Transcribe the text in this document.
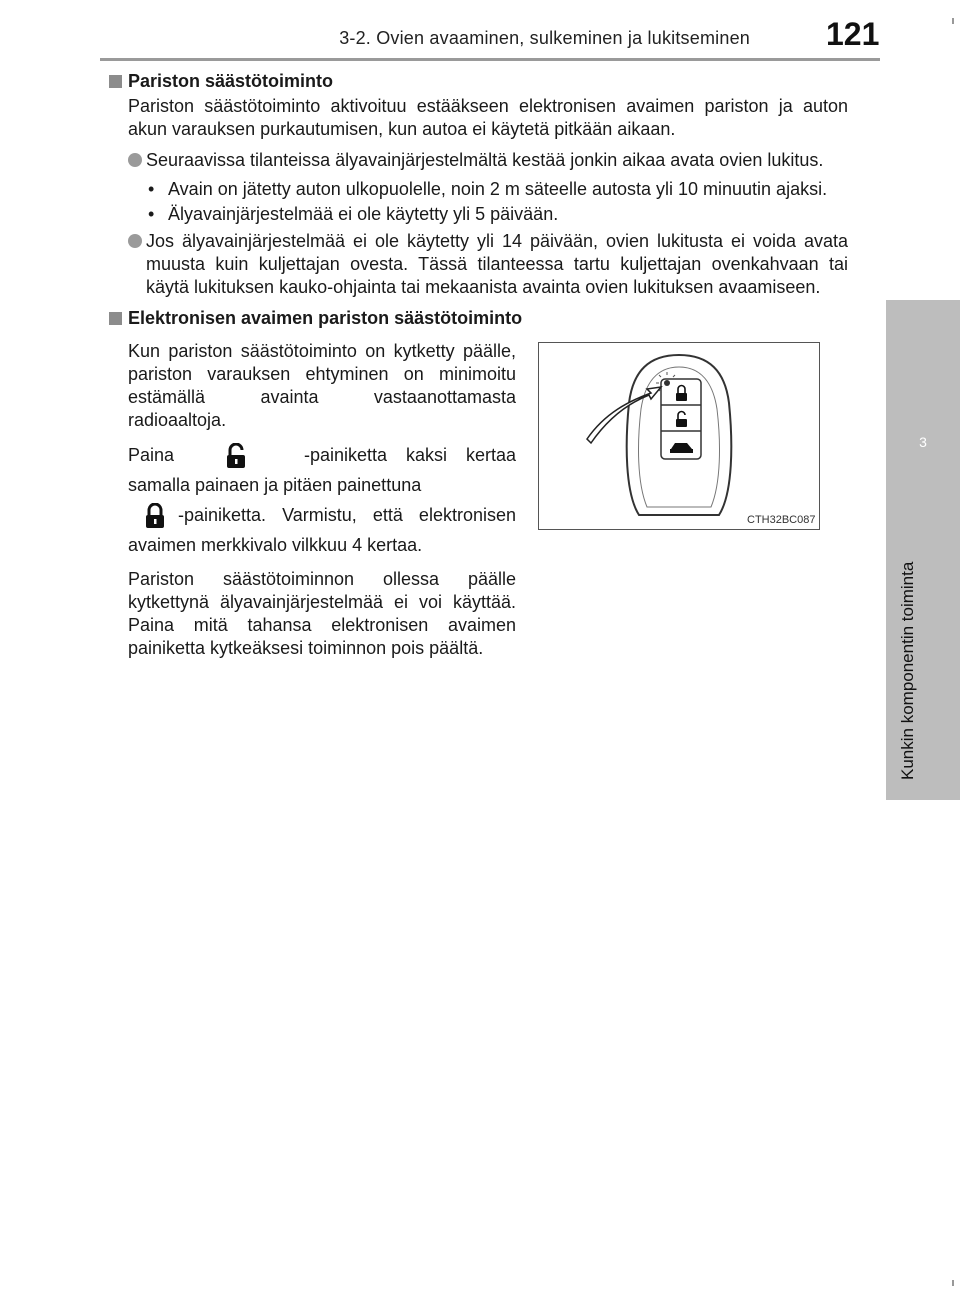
3-2. Ovien avaaminen, sulkeminen ja lukitseminen 121
3
Kunkin komponentin toiminta
Pariston säästötoiminto
Pariston säästötoiminto aktivoituu estääkseen elektronisen avaimen pariston ja auton akun varauksen purkautumisen, kun autoa ei käytetä pitkään aikaan.
Seuraavissa tilanteissa älyavainjärjestelmältä kestää jonkin aikaa avata ovien lukitus.
• Avain on jätetty auton ulkopuolelle, noin 2 m säteelle autosta yli 10 minuutin ajaksi.
• Älyavainjärjestelmää ei ole käytetty yli 5 päivään.
Jos älyavainjärjestelmää ei ole käytetty yli 14 päivään, ovien lukitusta ei voida avata muusta kuin kuljettajan ovesta. Tässä tilanteessa tartu kuljettajan ovenkahvaan tai käytä lukituksen kauko-ohjainta tai mekaanista avainta ovien lukituksen avaamiseen.
Elektronisen avaimen pariston säästötoiminto
Kun pariston säästötoiminto on kytketty päälle, pariston varauksen ehtyminen on minimoitu estämällä avainta vastaanottamasta radioaaltoja.
Paina	-painiketta kaksi kertaa samalla painaen ja pitäen painettuna
-painiketta. Varmistu, että elektronisen avaimen merkkivalo vilkkuu 4 kertaa.
Pariston säästötoiminnon ollessa päälle kytkettynä älyavainjärjestelmää ei voi käyttää. Paina mitä tahansa elektronisen avaimen painiketta kytkeäksesi toiminnon pois päältä.
CTH32BC087
